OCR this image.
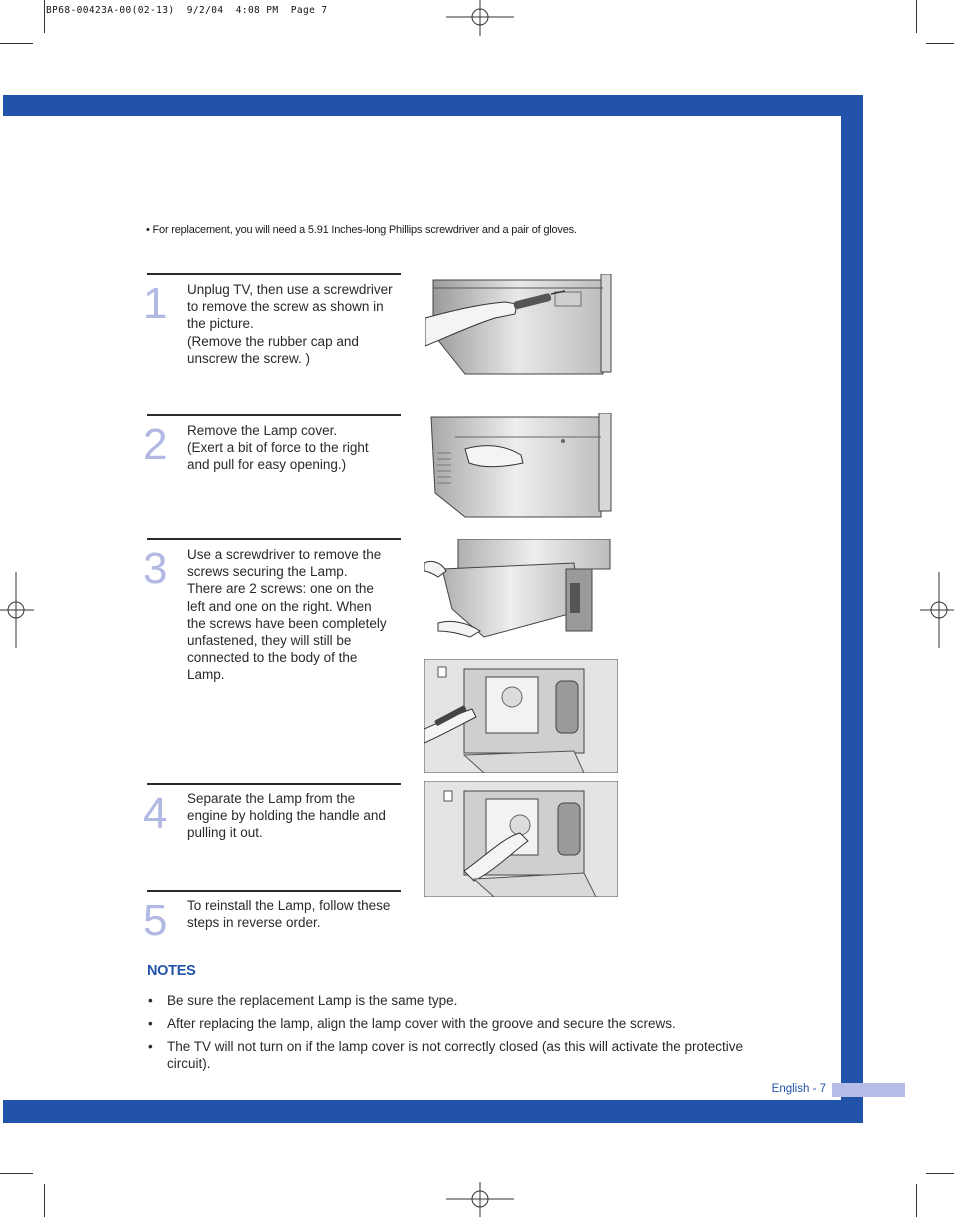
BP68-00423A-00(02-13)  9/2/04  4:08 PM  Page 7
English - 7
• For replacement, you will need a 5.91 Inches-long Phillips screwdriver and a pair of gloves.
1 Unplug TV, then use a screwdriver
to remove the screw as shown in
the picture.
(Remove the rubber cap and
unscrew the screw. )
2 Remove the Lamp cover.
(Exert a bit of force to the right
and pull for easy opening.)
3 Use a screwdriver to remove the
screws securing the Lamp.
There are 2 screws: one on the
left and one on the right. When
the screws have been completely
unfastened, they will still be
connected to the body of the
Lamp.
4 Separate the Lamp from the
engine by holding the handle and
pulling it out.
5 To reinstall the Lamp, follow these
steps in reverse order.
NOTES
• Be sure the replacement Lamp is the same type.
• After replacing the lamp, align the lamp cover with the groove and secure the screws.
• The TV will not turn on if the lamp cover is not correctly closed (as this will activate the protective circuit).
